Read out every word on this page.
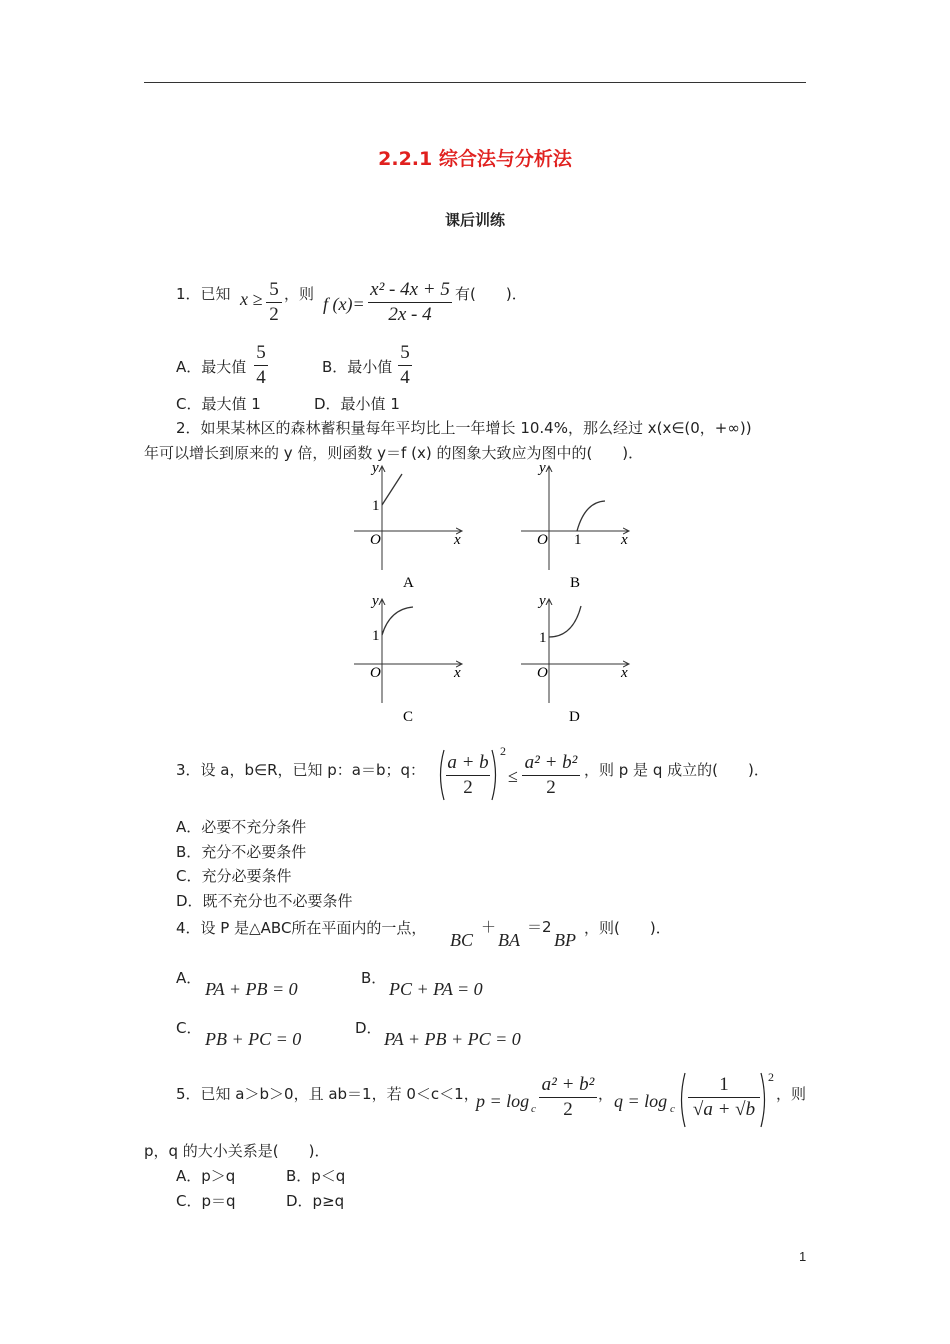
2.2.1 综合法与分析法
课后训练
1．已知 x ≥ 5
2
，则 f (x)=
x² - 4x + 5
2x - 4
有(　　)．
A．最大值
5
4	B．最小值
5
4
C．最大值 1	D．最小值 1
2．如果某林区的森林蓄积量每年平均比上一年增长 10.4%，那么经过 x(x∈(0，+∞))
年可以增长到原来的 y 倍，则函数 y＝f (x) 的图象大致应为图中的(　　)．
y
x
O
1
A
y
x
O 1
B
y
x
O
1
C
y
x
O
1
D
3．设 a，b∈R，已知 p：a＝b；q： a + b
2
2
≤
a² + b²
2
，则 p 是 q 成立的(　　)．
A．必要不充分条件
B．充分不必要条件
C．充分必要条件
D．既不充分也不必要条件
4．设 P 是△ABC所在平面内的一点，
BC
＋
BA
＝2
BP
，则(　　)．
A．
PA + PB = 0
B．
PC + PA = 0
C．
PB + PC = 0
D．
PA + PB + PC = 0
5．已知 a＞b＞0，且 ab＝1，若 0＜c＜1，
p = log c
a² + b²
2
， q = log c
1
√a + √b
2
，则
p，q 的大小关系是(　　)．
A．p＞q	B．p＜q
C．p＝q	D．p≥q
1
